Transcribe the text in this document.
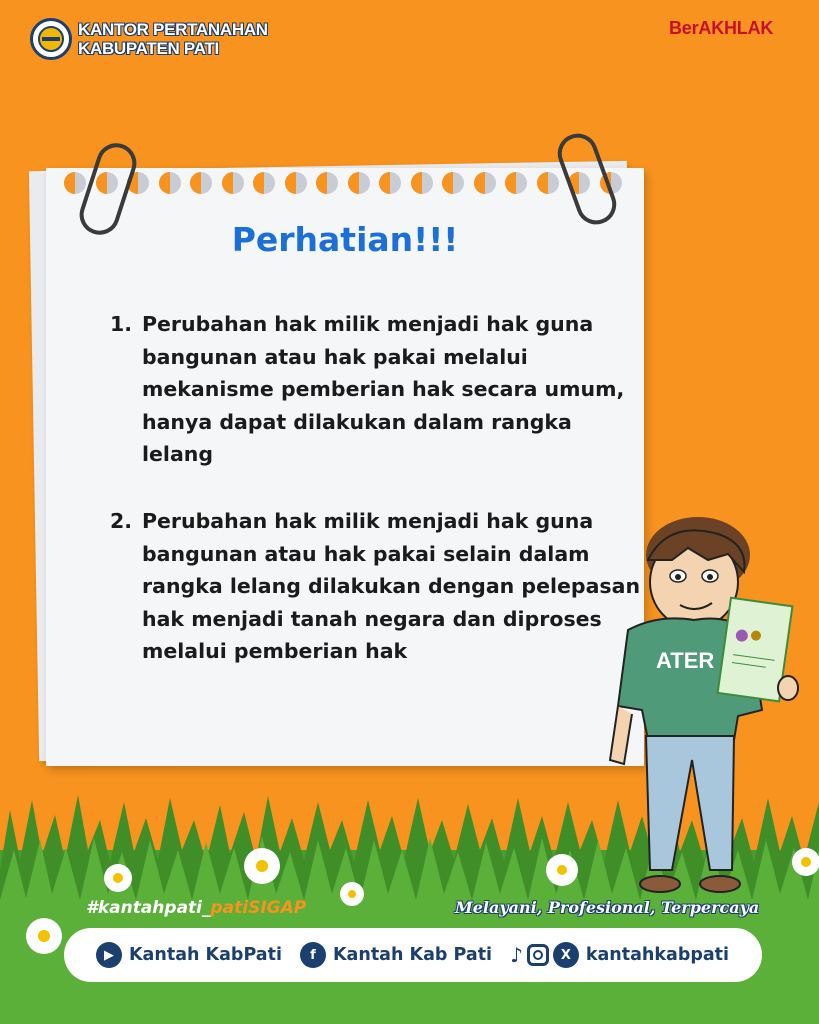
KANTOR PERTANAHAN
KABUPATEN PATI
BerAKHLAK
Perhatian!!!
1. Perubahan hak milik menjadi hak guna
bangunan atau hak pakai melalui
mekanisme pemberian hak secara umum,
hanya dapat dilakukan dalam rangka
lelang
2. Perubahan hak milik menjadi hak guna
bangunan atau hak pakai selain dalam
rangka lelang dilakukan dengan pelepasan
hak menjadi tanah negara dan diproses
melalui pemberian hak	ATER
#kantahpati_patiSIGAP	Melayani, Profesional, Terpercaya
▶ Kantah KabPati	f Kantah Kab Pati ♪	X kantahkabpati
